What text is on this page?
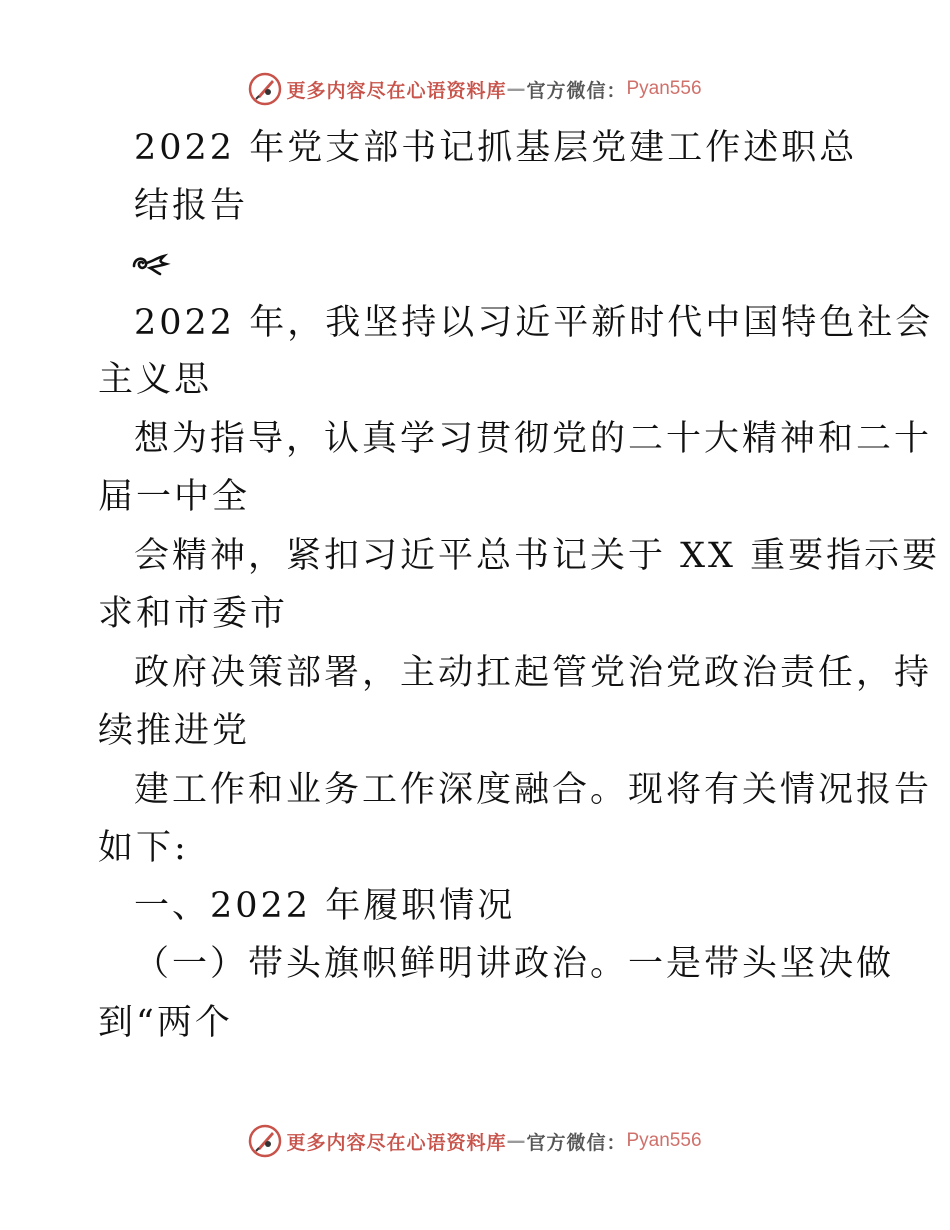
更多内容尽在心语资料库 — 官方微信： Pyan556
2022 年党支部书记抓基层党建工作述职总
结报告
2022 年，我坚持以习近平新时代中国特色社会
主义思
想为指导，认真学习贯彻党的二十大精神和二十
届一中全
会精神，紧扣习近平总书记关于 XX 重要指示要
求和市委市
政府决策部署，主动扛起管党治党政治责任，持
续推进党
建工作和业务工作深度融合。现将有关情况报告
如下:
一、2022 年履职情况
（一）带头旗帜鲜明讲政治。一是带头坚决做
到“两个
更多内容尽在心语资料库 — 官方微信： Pyan556
